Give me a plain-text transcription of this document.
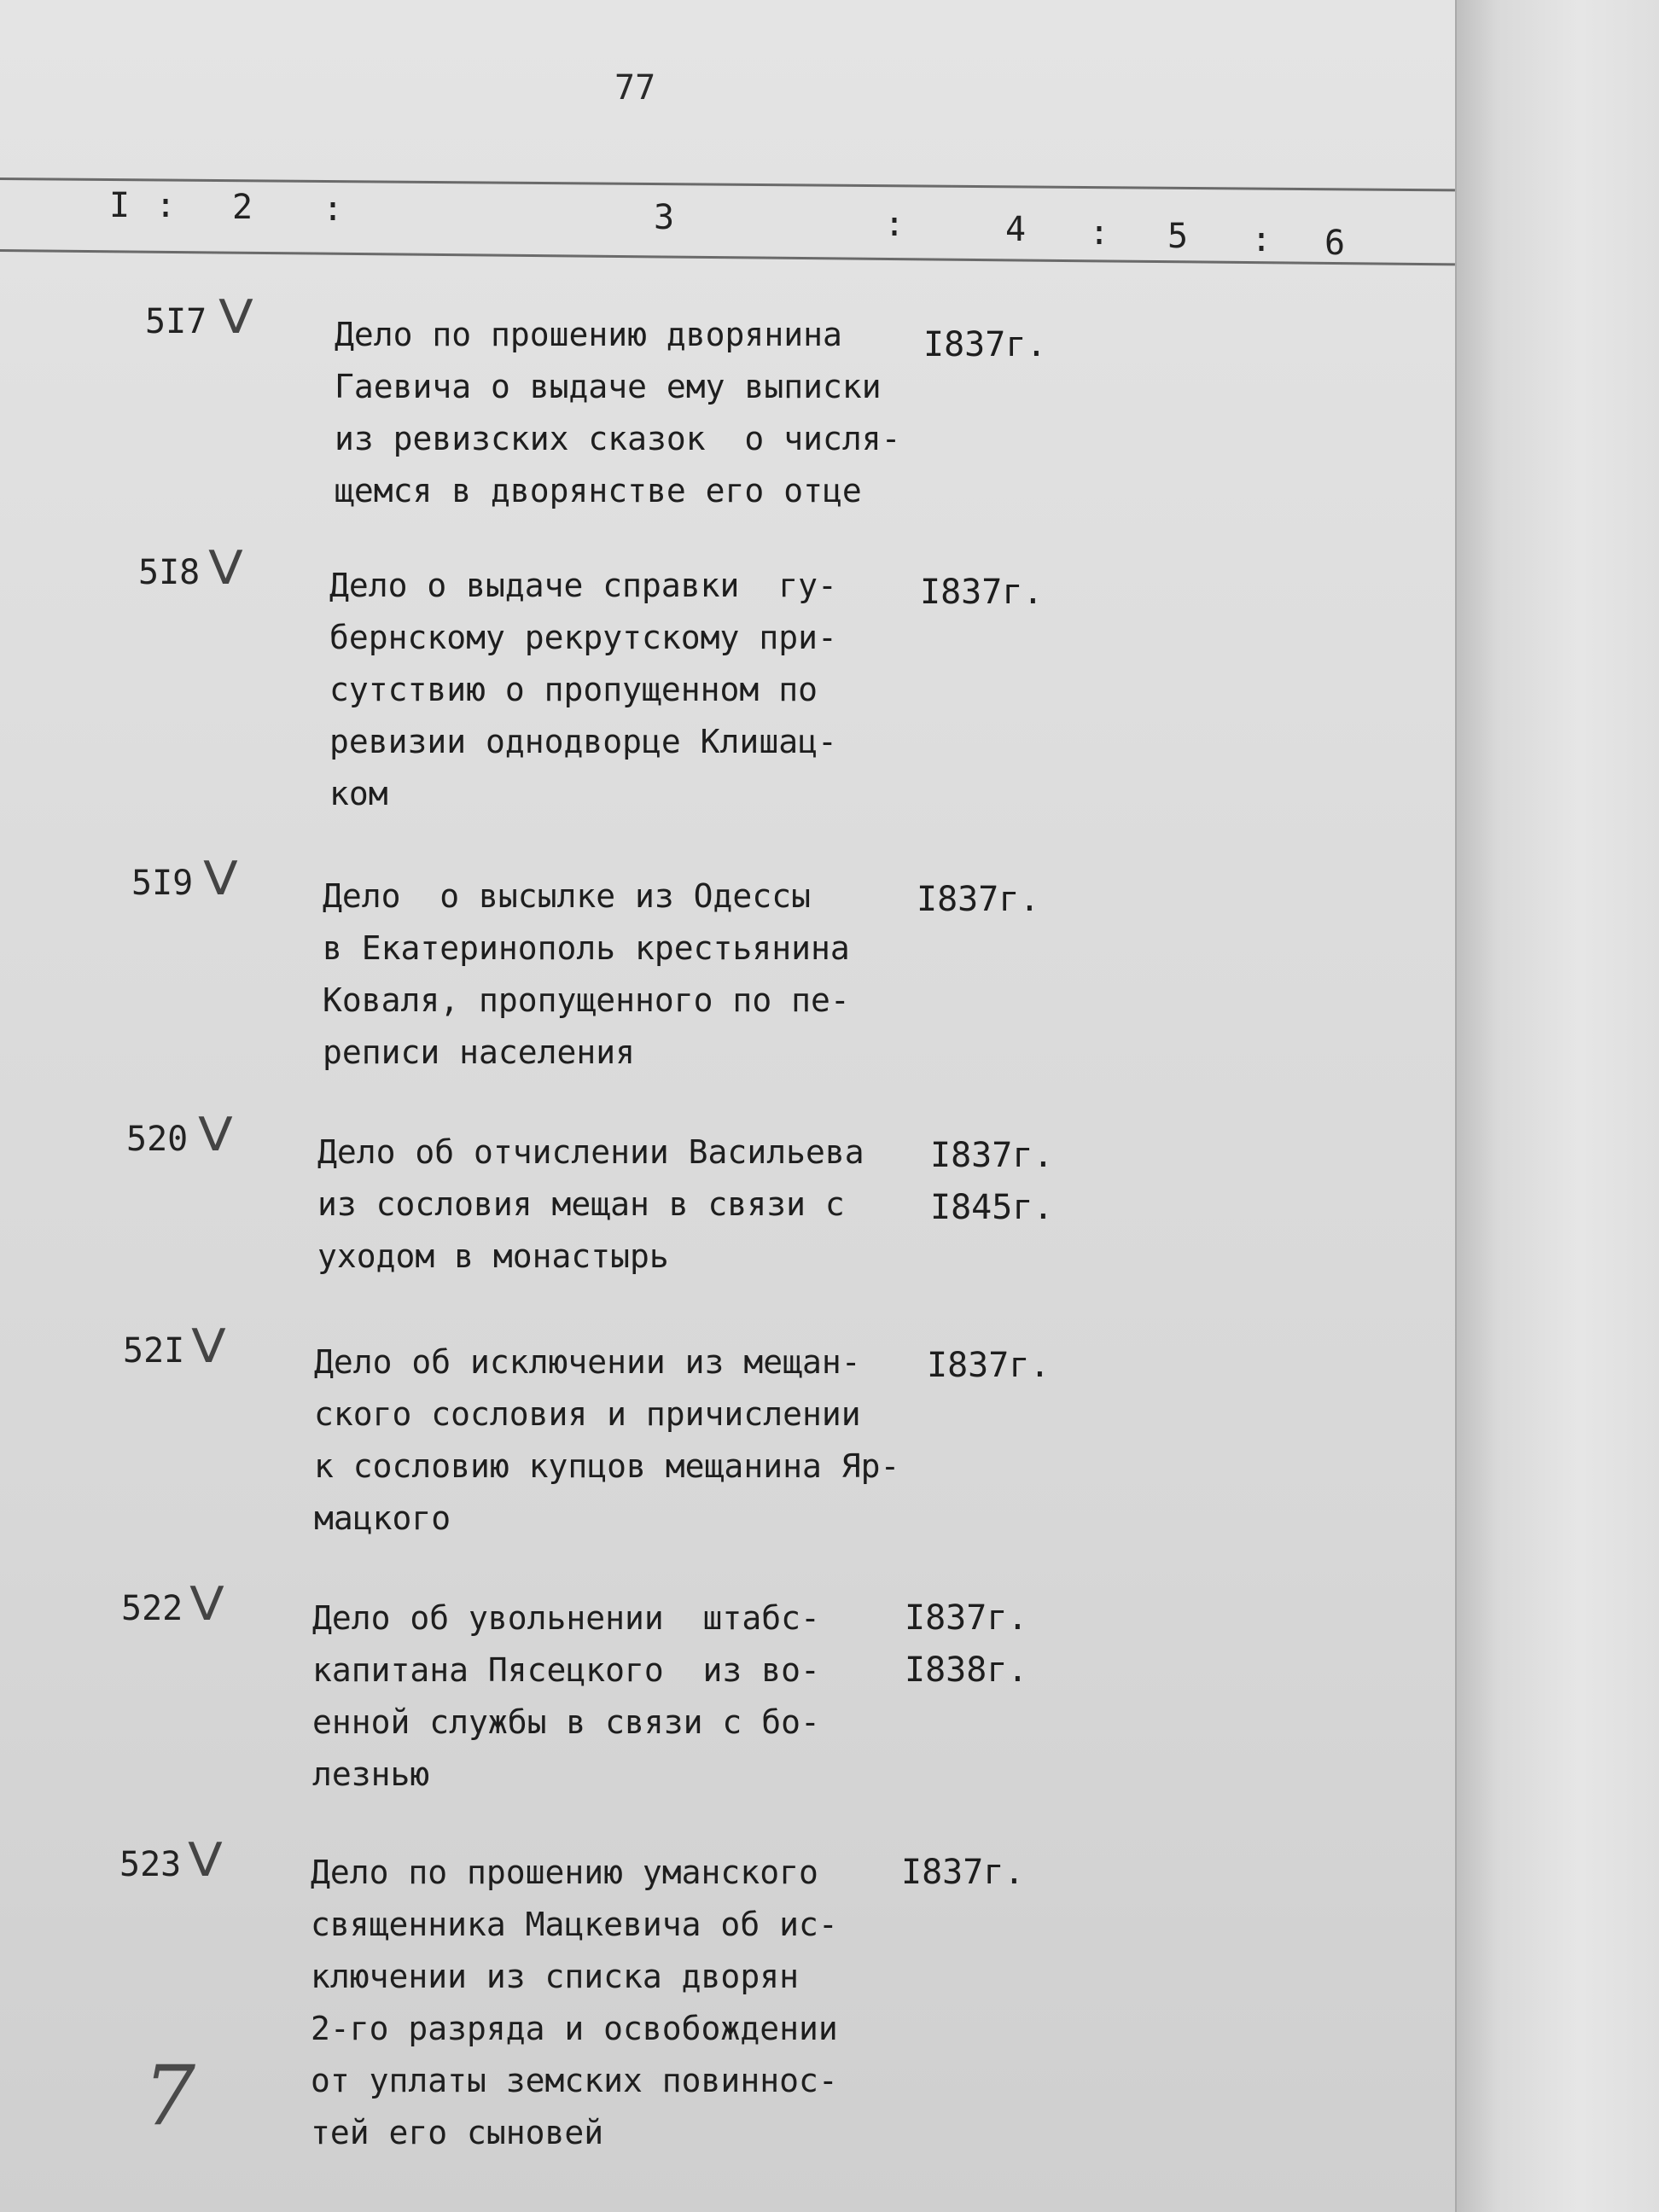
77
I : 2 :	3	:	4 : 5 : 6
5I7 V	Дело по прошению дворянина
Гаевича о выдаче ему выписки
из ревизских сказок  о числя-
щемся в дворянстве его отце
I837г.
5I8 V	Дело о выдаче справки  гу-
бернскому рекрутскому при-
сутствию о пропущенном по
ревизии однодворце Клишац-
ком
I837г.
5I9 V	Дело  о высылке из Одессы
в Екатеринополь крестьянина
Коваля, пропущенного по пе-
реписи населения
I837г.
520 V	Дело об отчислении Васильева
из сословия мещан в связи с
уходом в монастырь
I837г.
I845г.
52I V	Дело об исключении из мещан-
ского сословия и причислении
к сословию купцов мещанина Яр-
мацкого
I837г.
522 V	Дело об увольнении  штабс-
капитана Пясецкого  из во-
енной службы в связи с бо-
лезнью
I837г.
I838г.
523 V	Дело по прошению уманского
священника Мацкевича об ис-
ключении из списка дворян
2-го разряда и освобождении
от уплаты земских повиннос-
тей его сыновей
I837г.
7
